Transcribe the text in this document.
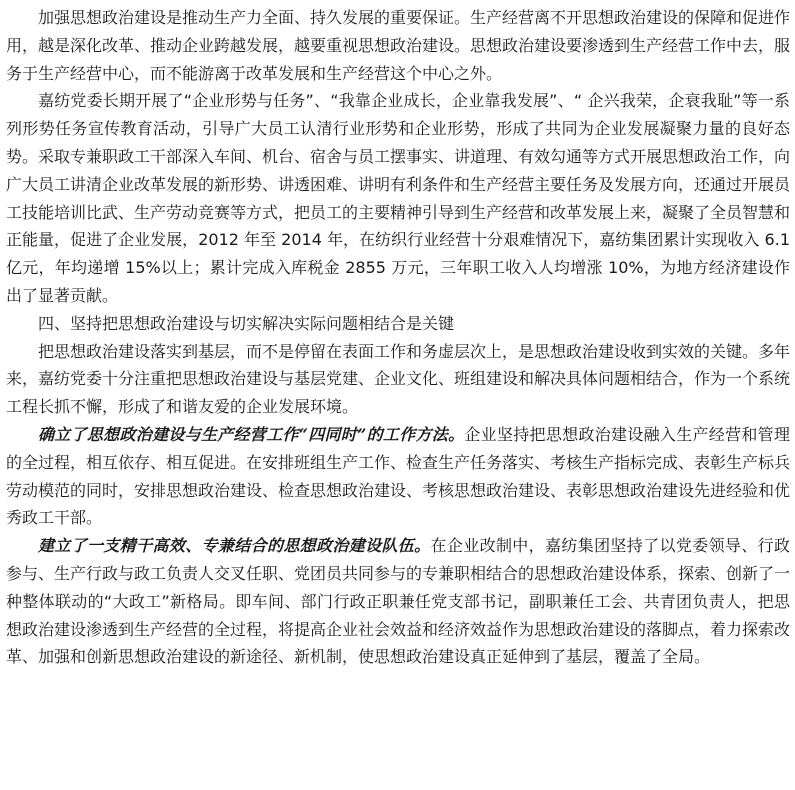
加强思想政治建设是推动生产力全面、持久发展的重要保证。生产经营离不开思想政治建设的保障和促进作用，越是深化改革、推动企业跨越发展，越要重视思想政治建设。思想政治建设要渗透到生产经营工作中去，服务于生产经营中心，而不能游离于改革发展和生产经营这个中心之外。

嘉纺党委长期开展了“企业形势与任务”、“我靠企业成长，企业靠我发展”、“ 企兴我荣，企衰我耻”等一系列形势任务宣传教育活动，引导广大员工认清行业形势和企业形势，形成了共同为企业发展凝聚力量的良好态势。采取专兼职政工干部深入车间、机台、宿舍与员工摆事实、讲道理、有效勾通等方式开展思想政治工作，向广大员工讲清企业改革发展的新形势、讲透困难、讲明有利条件和生产经营主要任务及发展方向，还通过开展员工技能培训比武、生产劳动竞赛等方式，把员工的主要精神引导到生产经营和改革发展上来，凝聚了全员智慧和正能量，促进了企业发展，2012 年至 2014 年，在纺织行业经营十分艰难情况下，嘉纺集团累计实现收入 6.1 亿元，年均递增 15%以上；累计完成入库税金 2855 万元，三年职工收入人均增涨 10%，为地方经济建设作出了显著贡献。

四、坚持把思想政治建设与切实解决实际问题相结合是关键

把思想政治建设落实到基层，而不是停留在表面工作和务虚层次上，是思想政治建设收到实效的关键。多年来，嘉纺党委十分注重把思想政治建设与基层党建、企业文化、班组建设和解决具体问题相结合，作为一个系统工程长抓不懈，形成了和谐友爱的企业发展环境。

确立了思想政治建设与生产经营工作“四同时”的工作方法。企业坚持把思想政治建设融入生产经营和管理的全过程，相互依存、相互促进。在安排班组生产工作、检查生产任务落实、考核生产指标完成、表彰生产标兵劳动模范的同时，安排思想政治建设、检查思想政治建设、考核思想政治建设、表彰思想政治建设先进经验和优秀政工干部。

建立了一支精干高效、专兼结合的思想政治建设队伍。在企业改制中，嘉纺集团坚持了以党委领导、行政参与、生产行政与政工负责人交叉任职、党团员共同参与的专兼职相结合的思想政治建设体系，探索、创新了一种整体联动的“大政工”新格局。即车间、部门行政正职兼任党支部书记，副职兼任工会、共青团负责人，把思想政治建设渗透到生产经营的全过程，将提高企业社会效益和经济效益作为思想政治建设的落脚点，着力探索改革、加强和创新思想政治建设的新途径、新机制，使思想政治建设真正延伸到了基层，覆盖了全局。
